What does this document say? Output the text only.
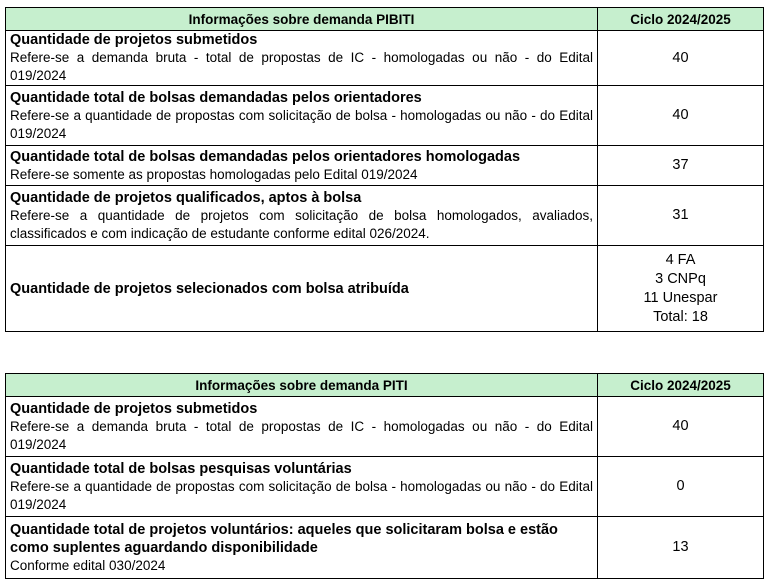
Informações sobre demanda PIBITI	Ciclo 2024/2025

Quantidade de projetos submetidos
Refere-se a demanda bruta - total de propostas de IC - homologadas ou não - do Edital 019/2024	40

Quantidade total de bolsas demandadas pelos orientadores
Refere-se a quantidade de propostas com solicitação de bolsa - homologadas ou não - do Edital 019/2024	40

Quantidade total de bolsas demandadas pelos orientadores homologadas
Refere-se somente as propostas homologadas pelo Edital 019/2024	37

Quantidade de projetos qualificados, aptos à bolsa
Refere-se a quantidade de projetos com solicitação de bolsa homologados, avaliados, classificados e com indicação de estudante conforme edital 026/2024.	31

Quantidade de projetos selecionados com bolsa atribuída	4 FA
3 CNPq
11 Unespar
Total: 18
Informações sobre demanda PITI	Ciclo 2024/2025

Quantidade de projetos submetidos
Refere-se a demanda bruta - total de propostas de IC - homologadas ou não - do Edital 019/2024	40

Quantidade total de bolsas pesquisas voluntárias
Refere-se a quantidade de propostas com solicitação de bolsa - homologadas ou não - do Edital 019/2024	0

Quantidade total de projetos voluntários: aqueles que solicitaram bolsa e estão como suplentes aguardando disponibilidade
Conforme edital 030/2024	13
